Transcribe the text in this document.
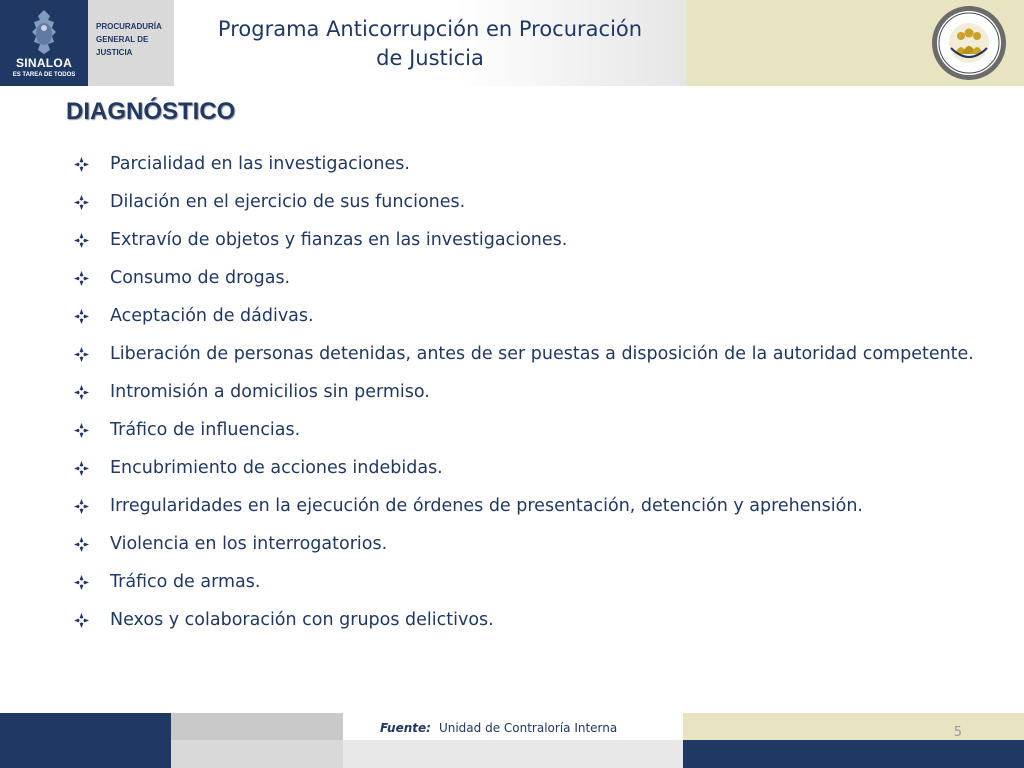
SINALOA
ES TAREA DE TODOS
PROCURADURÍA
GENERAL DE
JUSTICIA
Programa Anticorrupción en Procuración
de Justicia
DIAGNÓSTICO
Parcialidad en las investigaciones.
Dilación en el ejercicio de sus funciones.
Extravío de objetos y fianzas en las investigaciones.
Consumo de drogas.
Aceptación de dádivas.
Liberación de personas detenidas, antes de ser puestas a disposición de la autoridad competente.
Intromisión a domicilios sin permiso.
Tráfico de influencias.
Encubrimiento de acciones indebidas.
Irregularidades en la ejecución de órdenes de presentación, detención y aprehensión.
Violencia en los interrogatorios.
Tráfico de armas.
Nexos y colaboración con grupos delictivos.
Fuente: Unidad de Contraloría Interna	5
